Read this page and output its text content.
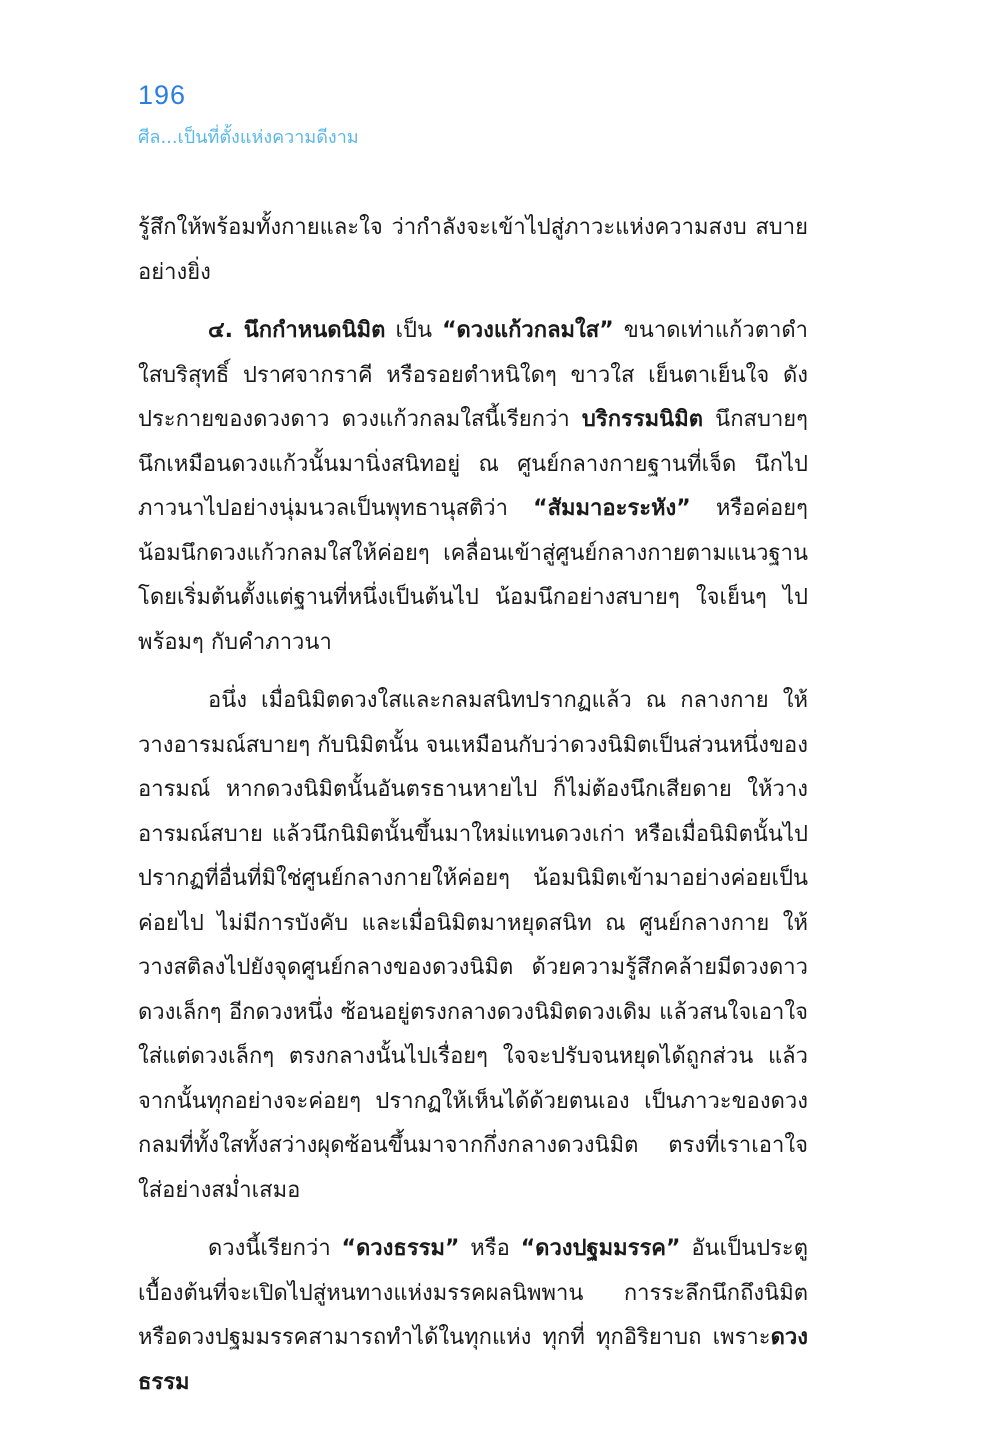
196
ศีล...เป็นที่ตั้งแห่งความดีงาม

รู้สึกให้พร้อมทั้งกายและใจ ว่ากำลังจะเข้าไปสู่ภาวะแห่งความสงบ สบายอย่างยิ่ง

๔. นึกกำหนดนิมิต เป็น “ดวงแก้วกลมใส” ขนาดเท่าแก้วตาดำ ใสบริสุทธิ์ ปราศจากราคี หรือรอยตำหนิใดๆ ขาวใส เย็นตาเย็นใจ ดังประกายของดวงดาว ดวงแก้วกลมใสนี้เรียกว่า บริกรรมนิมิต นึกสบายๆ นึกเหมือนดวงแก้วนั้นมานิ่งสนิทอยู่ ณ ศูนย์กลางกายฐานที่เจ็ด นึกไปภาวนาไปอย่างนุ่มนวลเป็นพุทธานุสติว่า “สัมมาอะระหัง” หรือค่อยๆ น้อมนึกดวงแก้วกลมใสให้ค่อยๆ เคลื่อนเข้าสู่ศูนย์กลางกายตามแนวฐาน โดยเริ่มต้นตั้งแต่ฐานที่หนึ่งเป็นต้นไป น้อมนึกอย่างสบายๆ ใจเย็นๆ ไปพร้อมๆ กับคำภาวนา

อนึ่ง เมื่อนิมิตดวงใสและกลมสนิทปรากฏแล้ว ณ กลางกาย ให้วางอารมณ์สบายๆ กับนิมิตนั้น จนเหมือนกับว่าดวงนิมิตเป็นส่วนหนึ่งของอารมณ์ หากดวงนิมิตนั้นอันตรธานหายไป ก็ไม่ต้องนึกเสียดาย ให้วางอารมณ์สบาย แล้วนึกนิมิตนั้นขึ้นมาใหม่แทนดวงเก่า หรือเมื่อนิมิตนั้นไปปรากฏที่อื่นที่มิใช่ศูนย์กลางกายให้ค่อยๆ น้อมนิมิตเข้ามาอย่างค่อยเป็นค่อยไป ไม่มีการบังคับ และเมื่อนิมิตมาหยุดสนิท ณ ศูนย์กลางกาย ให้วางสติลงไปยังจุดศูนย์กลางของดวงนิมิต ด้วยความรู้สึกคล้ายมีดวงดาวดวงเล็กๆ อีกดวงหนึ่ง ซ้อนอยู่ตรงกลางดวงนิมิตดวงเดิม แล้วสนใจเอาใจใส่แต่ดวงเล็กๆ ตรงกลางนั้นไปเรื่อยๆ ใจจะปรับจนหยุดได้ถูกส่วน แล้วจากนั้นทุกอย่างจะค่อยๆ ปรากฏให้เห็นได้ด้วยตนเอง เป็นภาวะของดวงกลมที่ทั้งใสทั้งสว่างผุดซ้อนขึ้นมาจากกึ่งกลางดวงนิมิต ตรงที่เราเอาใจใส่อย่างสม่ำเสมอ

ดวงนี้เรียกว่า “ดวงธรรม” หรือ “ดวงปฐมมรรค” อันเป็นประตูเบื้องต้นที่จะเปิดไปสู่หนทางแห่งมรรคผลนิพพาน การระลึกนึกถึงนิมิต หรือดวงปฐมมรรคสามารถทำได้ในทุกแห่ง ทุกที่ ทุกอิริยาบถ เพราะดวงธรรม
